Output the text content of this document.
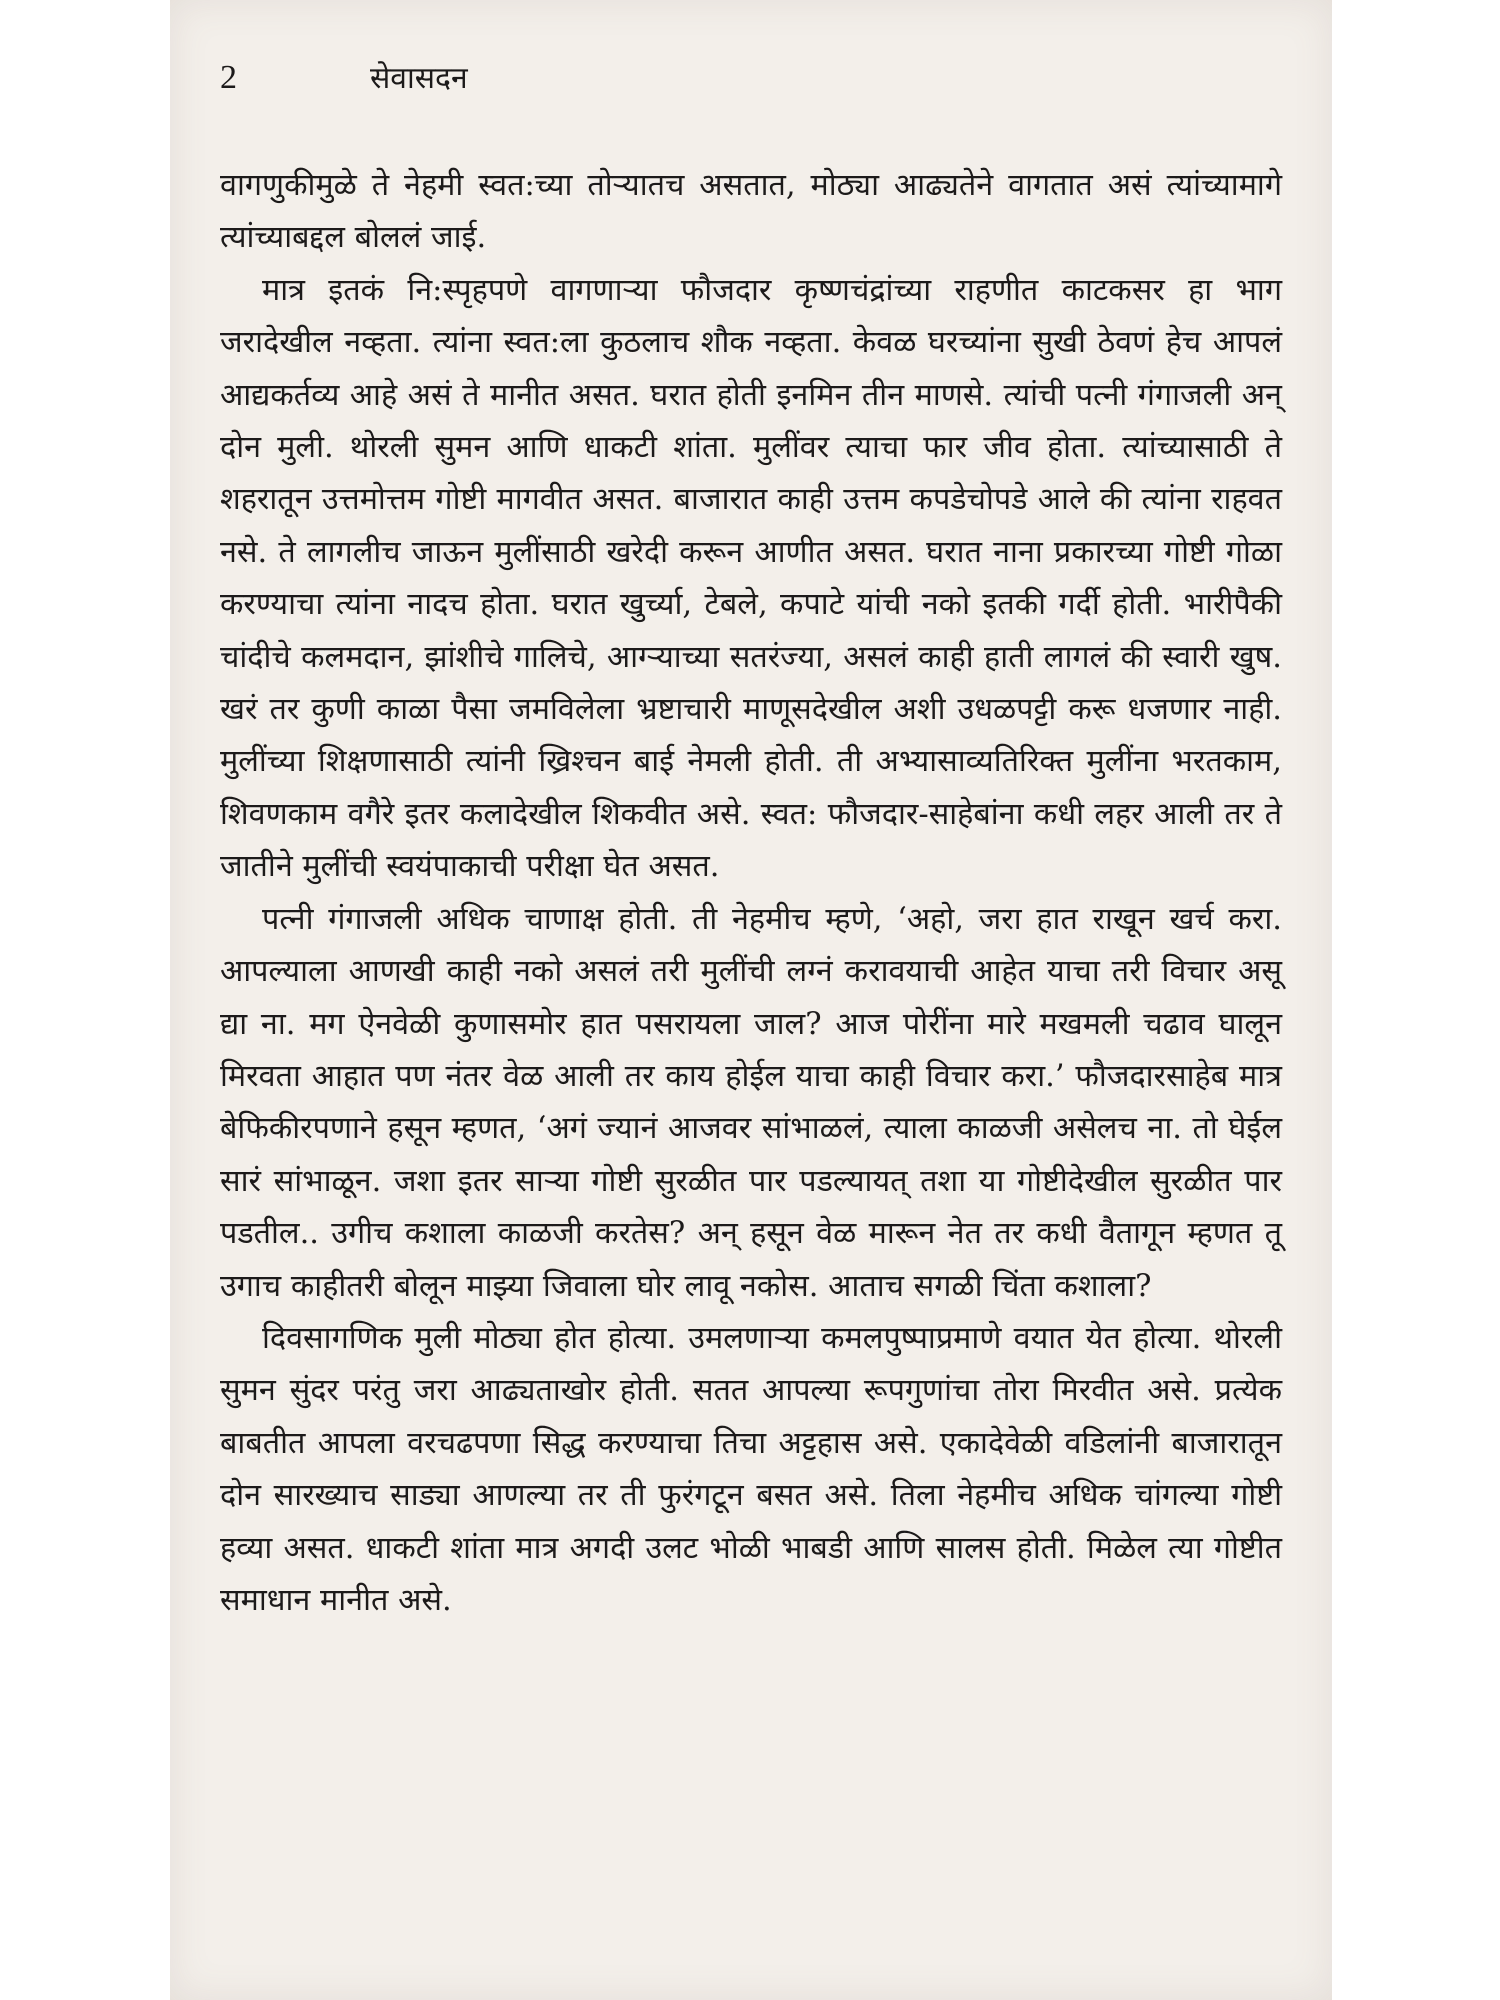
2	सेवासदन

वागणुकीमुळे ते नेहमी स्वत:च्या तोऱ्यातच असतात, मोठ्या आढ्यतेने वागतात असं त्यांच्यामागे त्यांच्याबद्दल बोललं जाई.

मात्र इतकं नि:स्पृहपणे वागणाऱ्या फौजदार कृष्णचंद्रांच्या राहणीत काटकसर हा भाग जरादेखील नव्हता. त्यांना स्वत:ला कुठलाच शौक नव्हता. केवळ घरच्यांना सुखी ठेवणं हेच आपलं आद्यकर्तव्य आहे असं ते मानीत असत. घरात होती इनमिन तीन माणसे. त्यांची पत्नी गंगाजली अन् दोन मुली. थोरली सुमन आणि धाकटी शांता. मुलींवर त्याचा फार जीव होता. त्यांच्यासाठी ते शहरातून उत्तमोत्तम गोष्टी मागवीत असत. बाजारात काही उत्तम कपडेचोपडे आले की त्यांना राहवत नसे. ते लागलीच जाऊन मुलींसाठी खरेदी करून आणीत असत. घरात नाना प्रकारच्या गोष्टी गोळा करण्याचा त्यांना नादच होता. घरात खुर्च्या, टेबले, कपाटे यांची नको इतकी गर्दी होती. भारीपैकी चांदीचे कलमदान, झांशीचे गालिचे, आग्ऱ्याच्या सतरंज्या, असलं काही हाती लागलं की स्वारी खुष. खरं तर कुणी काळा पैसा जमविलेला भ्रष्टाचारी माणूसदेखील अशी उधळपट्टी करू धजणार नाही. मुलींच्या शिक्षणासाठी त्यांनी ख्रिश्चन बाई नेमली होती. ती अभ्यासाव्यतिरिक्त मुलींना भरतकाम, शिवणकाम वगैरे इतर कलादेखील शिकवीत असे. स्वत: फौजदार-साहेबांना कधी लहर आली तर ते जातीने मुलींची स्वयंपाकाची परीक्षा घेत असत.

पत्नी गंगाजली अधिक चाणाक्ष होती. ती नेहमीच म्हणे, ‘अहो, जरा हात राखून खर्च करा. आपल्याला आणखी काही नको असलं तरी मुलींची लग्नं करावयाची आहेत याचा तरी विचार असू द्या ना. मग ऐनवेळी कुणासमोर हात पसरायला जाल? आज पोरींना मारे मखमली चढाव घालून मिरवता आहात पण नंतर वेळ आली तर काय होईल याचा काही विचार करा.’ फौजदारसाहेब मात्र बेफिकीरपणाने हसून म्हणत, ‘अगं ज्यानं आजवर सांभाळलं, त्याला काळजी असेलच ना. तो घेईल सारं सांभाळून. जशा इतर साऱ्या गोष्टी सुरळीत पार पडल्यायत् तशा या गोष्टीदेखील सुरळीत पार पडतील.. उगीच कशाला काळजी करतेस? अन् हसून वेळ मारून नेत तर कधी वैतागून म्हणत तू उगाच काहीतरी बोलून माझ्या जिवाला घोर लावू नकोस. आताच सगळी चिंता कशाला?

दिवसागणिक मुली मोठ्या होत होत्या. उमलणाऱ्या कमलपुष्पाप्रमाणे वयात येत होत्या. थोरली सुमन सुंदर परंतु जरा आढ्यताखोर होती. सतत आपल्या रूपगुणांचा तोरा मिरवीत असे. प्रत्येक बाबतीत आपला वरचढपणा सिद्ध करण्याचा तिचा अट्टहास असे. एकादेवेळी वडिलांनी बाजारातून दोन सारख्याच साड्या आणल्या तर ती फुरंगटून बसत असे. तिला नेहमीच अधिक चांगल्या गोष्टी हव्या असत. धाकटी शांता मात्र अगदी उलट भोळी भाबडी आणि सालस होती. मिळेल त्या गोष्टीत समाधान मानीत असे.
